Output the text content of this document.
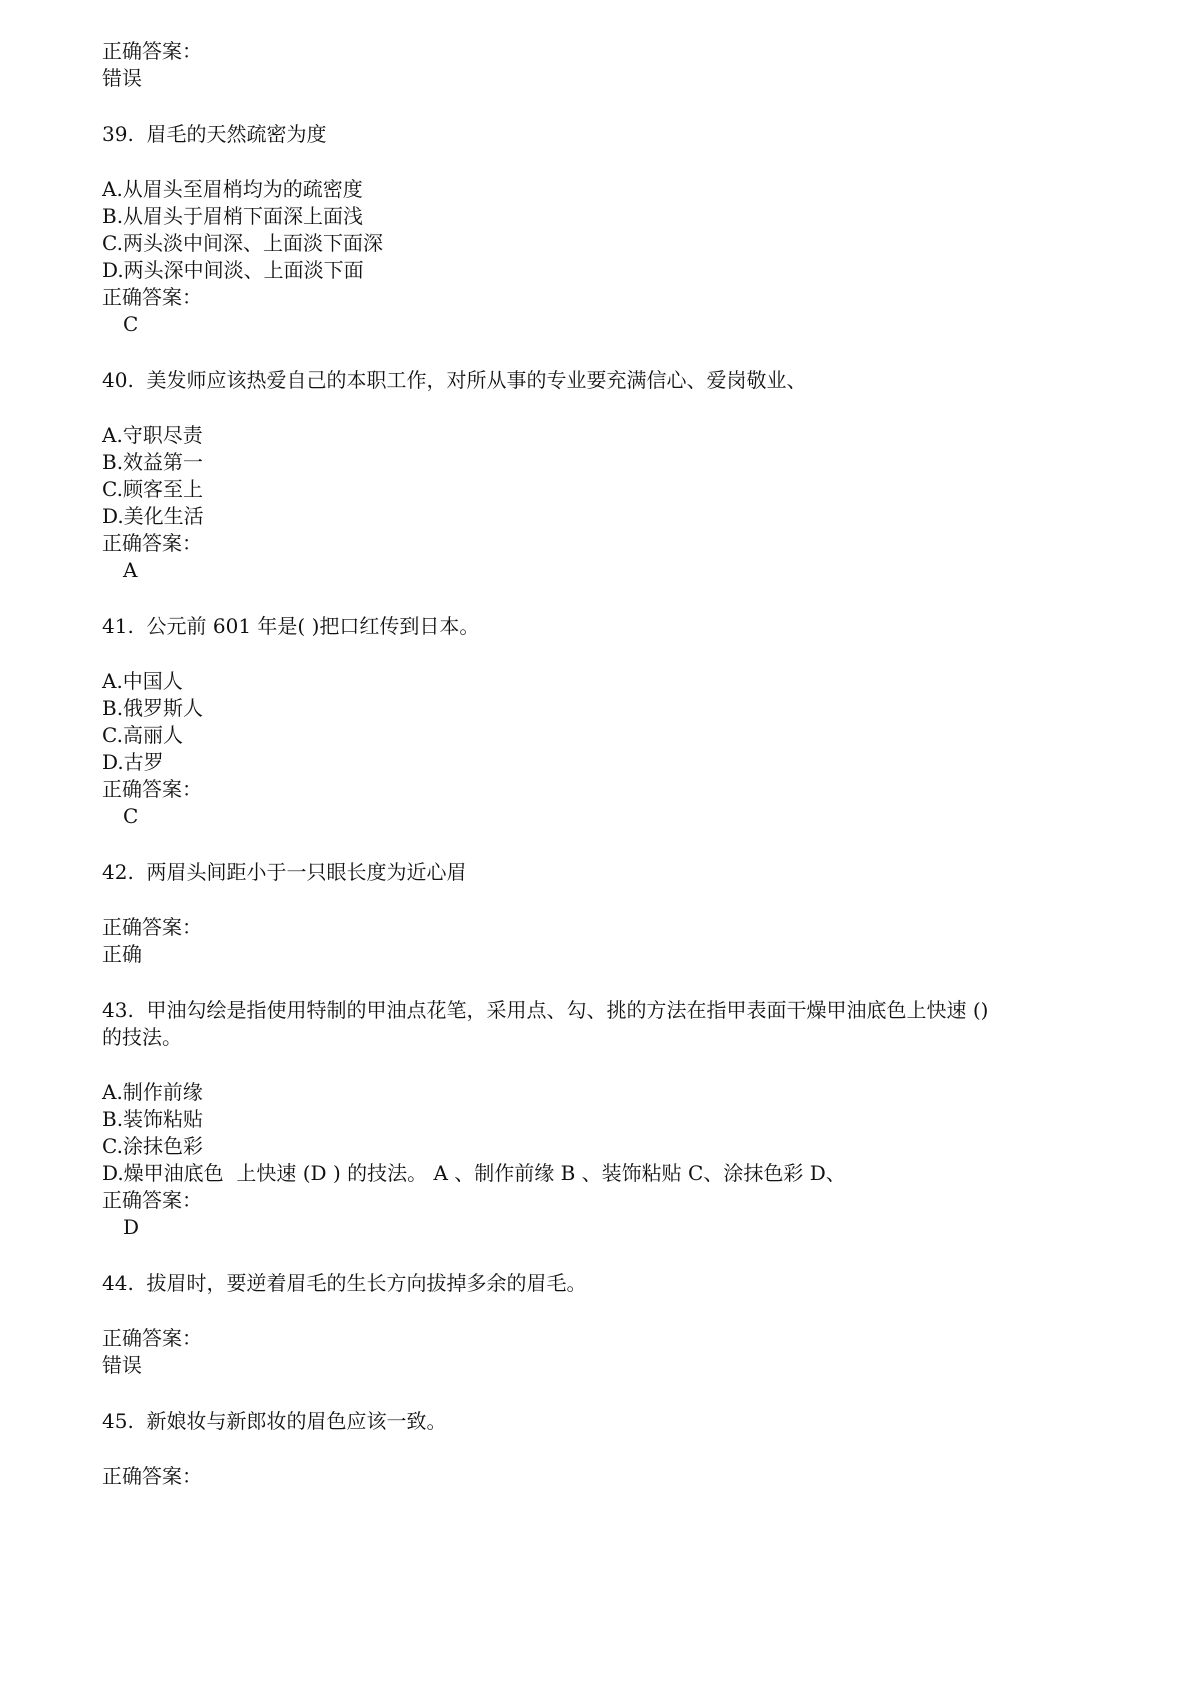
正确答案：
错误
39.  眉毛的天然疏密为度
A.从眉头至眉梢均为的疏密度
B.从眉头于眉梢下面深上面浅
C.两头淡中间深、上面淡下面深
D.两头深中间淡、上面淡下面
正确答案：
C
40.  美发师应该热爱自己的本职工作，对所从事的专业要充满信心、爱岗敬业、
A.守职尽责
B.效益第一
C.顾客至上
D.美化生活
正确答案：
A
41.  公元前 601 年是( )把口红传到日本。
A.中国人
B.俄罗斯人
C.高丽人
D.古罗
正确答案：
C
42.  两眉头间距小于一只眼长度为近心眉
正确答案：
正确
43.  甲油勾绘是指使用特制的甲油点花笔，采用点、勾、挑的方法在指甲表面干燥甲油底色上快速 ()
的技法。
A.制作前缘
B.装饰粘贴
C.涂抹色彩
D.燥甲油底色  上快速 (D ) 的技法。 A 、制作前缘 B 、装饰粘贴 C、涂抹色彩 D、
正确答案：
D
44.  拔眉时，要逆着眉毛的生长方向拔掉多余的眉毛。
正确答案：
错误
45.  新娘妆与新郎妆的眉色应该一致。
正确答案：
